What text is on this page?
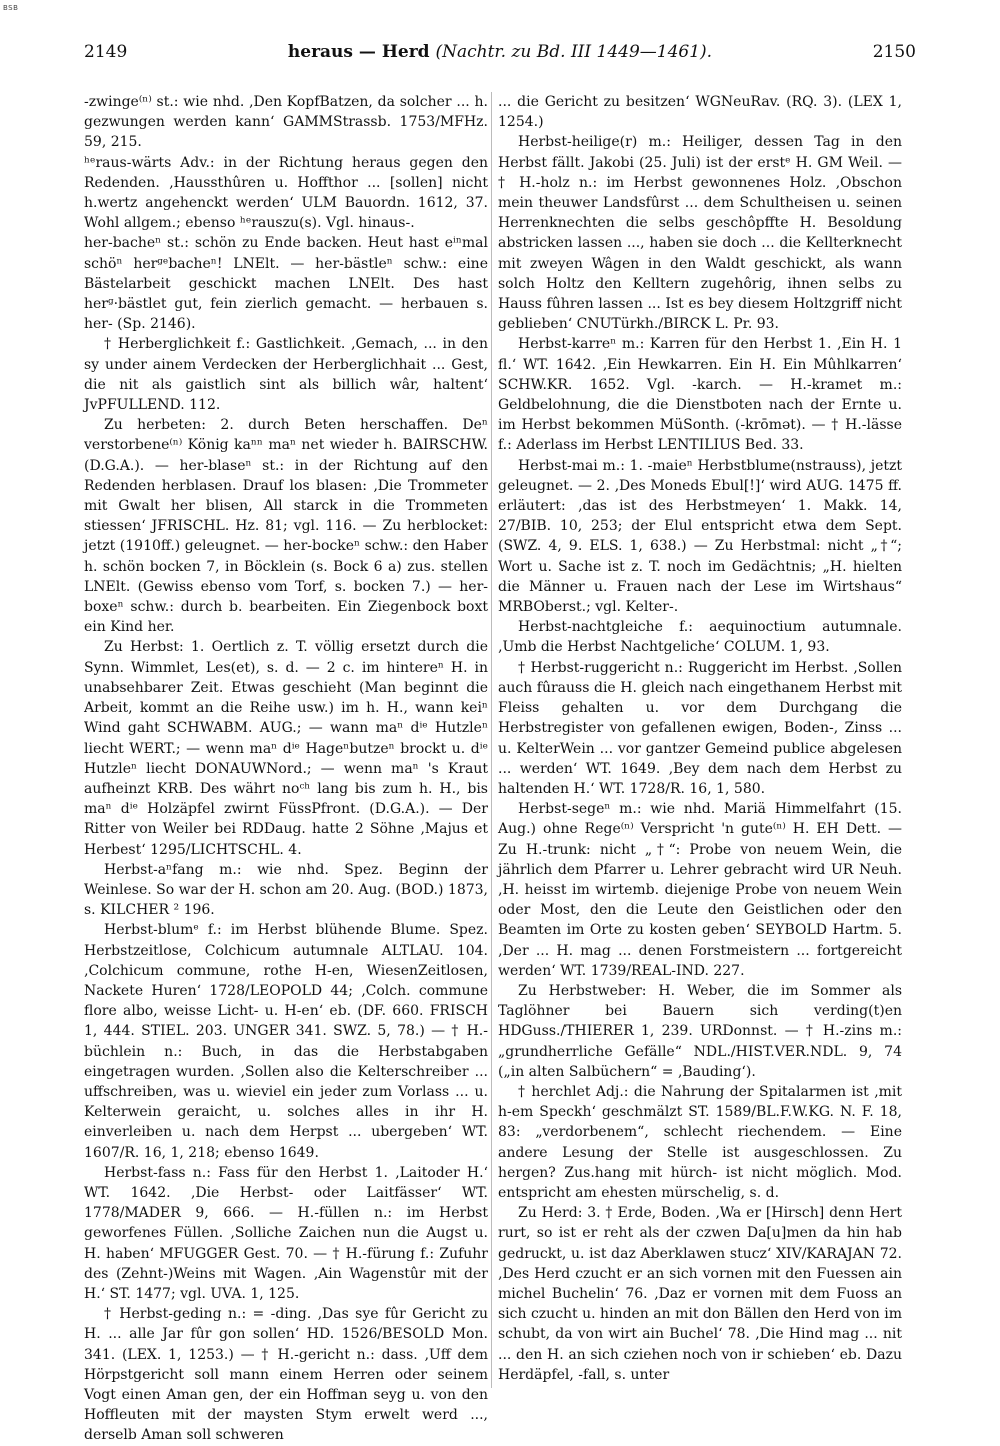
BSB
2149	heraus — Herd (Nachtr. zu Bd. III 1449—1461).	2150

-zwinge⁽ⁿ⁾ st.: wie nhd. ‚Den KopfBatzen, da solcher ... h. gezwungen werden kann‘ GAMMStrassb. 1753/MFHz. 59, 215.

ʰᵉraus-wärts Adv.: in der Richtung heraus gegen den Redenden. ‚Haussthûren u. Hoffthor ... [sollen] nicht h.wertz angehenckt werden‘ ULM Bauordn. 1612, 37. Wohl allgem.; ebenso ʰᵉrauszu(s). Vgl. hinaus-.

her-bacheⁿ st.: schön zu Ende backen. Heut hast eⁱⁿmal schöⁿ herᵍᵉbacheⁿ! LNElt. — her-bästleⁿ schw.: eine Bästelarbeit geschickt machen LNElt. Des hast herᵍ·bästlet gut, fein zierlich gemacht. — herbauen s. her- (Sp. 2146).

† Herberglichkeit f.: Gastlichkeit. ‚Gemach, ... in den sy under ainem Verdecken der Herberglichhait ... Gest, die nit als gaistlich sint als billich wâr, haltent‘ JvPFULLEND. 112.

Zu herbeten: 2. durch Beten herschaffen. Deⁿ verstorbene⁽ⁿ⁾ König kaⁿⁿ maⁿ net wieder h. BAIRSCHW. (D.G.A.). — her-blaseⁿ st.: in der Richtung auf den Redenden herblasen. Drauf los blasen: ‚Die Trommeter mit Gwalt her blisen, All starck in die Trommeten stiessen‘ JFRISCHL. Hz. 81; vgl. 116. — Zu herblocket: jetzt (1910ff.) geleugnet. — her-bockeⁿ schw.: den Haber h. schön bocken 7, in Böcklein (s. Bock 6 a) zus. stellen LNElt. (Gewiss ebenso vom Torf, s. bocken 7.) — her-boxeⁿ schw.: durch b. bearbeiten. Ein Ziegenbock boxt ein Kind her.

Zu Herbst: 1. Oertlich z. T. völlig ersetzt durch die Synn. Wimmlet, Les(et), s. d. — 2 c. im hintereⁿ H. in unabsehbarer Zeit. Etwas geschieht (Man beginnt die Arbeit, kommt an die Reihe usw.) im h. H., wann keiⁿ Wind gaht SCHWABM. AUG.; — wann maⁿ dⁱᵉ Hutzleⁿ liecht WERT.; — wenn maⁿ dⁱᵉ Hageⁿbutzeⁿ brockt u. dⁱᵉ Hutzleⁿ liecht DONAUWNord.; — wenn maⁿ 's Kraut aufheinzt KRB. Des währt noᶜʰ lang bis zum h. H., bis maⁿ dⁱᵉ Holzäpfel zwirnt FüssPfront. (D.G.A.). — Der Ritter von Weiler bei RDDaug. hatte 2 Söhne ‚Majus et Herbest‘ 1295/LICHTSCHL. 4.

Herbst-aⁿfang m.: wie nhd. Spez. Beginn der Weinlese. So war der H. schon am 20. Aug. (BOD.) 1873, s. KILCHER ² 196.

Herbst-blumᵉ f.: im Herbst blühende Blume. Spez. Herbstzeitlose, Colchicum autumnale ALTLAU. 104. ‚Colchicum commune, rothe H-en, WiesenZeitlosen, Nackete Huren‘ 1728/LEOPOLD 44; ‚Colch. commune flore albo, weisse Licht- u. H-en‘ eb. (DF. 660. FRISCH 1, 444. STIEL. 203. UNGER 341. SWZ. 5, 78.) — † H.-büchlein n.: Buch, in das die Herbstabgaben eingetragen wurden. ‚Sollen also die Kelterschreiber ... uffschreiben, was u. wieviel ein jeder zum Vorlass ... u. Kelterwein geraicht, u. solches alles in ihr H. einverleiben u. nach dem Herpst ... ubergeben‘ WT. 1607/R. 16, 1, 218; ebenso 1649.

Herbst-fass n.: Fass für den Herbst 1. ‚Laitoder H.‘ WT. 1642. ‚Die Herbst- oder Laitfässer‘ WT. 1778/MADER 9, 666. — H.-füllen n.: im Herbst geworfenes Füllen. ‚Solliche Zaichen nun die Augst u. H. haben‘ MFUGGER Gest. 70. — † H.-fürung f.: Zufuhr des (Zehnt-)Weins mit Wagen. ‚Ain Wagenstûr mit der H.‘ ST. 1477; vgl. UVA. 1, 125.

† Herbst-geding n.: = -ding. ‚Das sye fûr Gericht zu H. ... alle Jar fûr gon sollen‘ HD. 1526/BESOLD Mon. 341. (LEX. 1, 1253.) — † H.-gericht n.: dass. ‚Uff dem Hörpstgericht soll mann einem Herren oder seinem Vogt einen Aman gen, der ein Hoffman seyg u. von den Hoffleuten mit der maysten Stym erwelt werd ..., derselb Aman soll schweren

... die Gericht zu besitzen‘ WGNeuRav. (RQ. 3). (LEX 1, 1254.)

Herbst-heilige(r) m.: Heiliger, dessen Tag in den Herbst fällt. Jakobi (25. Juli) ist der erstᵉ H. GM Weil. — † H.-holz n.: im Herbst gewonnenes Holz. ‚Obschon mein theuwer Landsfûrst ... dem Schultheisen u. seinen Herrenknechten die selbs geschôpffte H. Besoldung abstricken lassen ..., haben sie doch ... die Kellterknecht mit zweyen Wâgen in den Waldt geschickt, als wann solch Holtz den Kelltern zugehôrig, ihnen selbs zu Hauss fûhren lassen ... Ist es bey diesem Holtzgriff nicht gebliebenʻ CNUTürkh./BIRCK L. Pr. 93.

Herbst-karreⁿ m.: Karren für den Herbst 1. ‚Ein H. 1 fl.‘ WT. 1642. ‚Ein Hewkarren. Ein H. Ein Mûhlkarren‘ SCHW.KR. 1652. Vgl. -karch. — H.-kramet m.: Geldbelohnung, die die Dienstboten nach der Ernte u. im Herbst bekommen MüSonth. (-krōmət). — † H.-lässe f.: Aderlass im Herbst LENTILIUS Bed. 33.

Herbst-mai m.: 1. -maieⁿ Herbstblume(nstrauss), jetzt geleugnet. — 2. ‚Des Moneds Ebul[!]‘ wird AUG. 1475 ff. erläutert: ‚das ist des Herbstmeyen‘ 1. Makk. 14, 27/BIB. 10, 253; der Elul entspricht etwa dem Sept. (SWZ. 4, 9. ELS. 1, 638.) — Zu Herbstmal: nicht „†“; Wort u. Sache ist z. T. noch im Gedächtnis; „H. hielten die Männer u. Frauen nach der Lese im Wirtshaus“ MRBOberst.; vgl. Kelter-.

Herbst-nachtgleiche f.: aequinoctium autumnale. ‚Umb die Herbst Nachtgelicheʻ COLUM. 1, 93.

† Herbst-ruggericht n.: Ruggericht im Herbst. ‚Sollen auch fûrauss die H. gleich nach eingethanem Herbst mit Fleiss gehalten u. vor dem Durchgang die Herbstregister von gefallenen ewigen, Boden-, Zinss ... u. KelterWein ... vor gantzer Gemeind publice abgelesen ... werden‘ WT. 1649. ‚Bey dem nach dem Herbst zu haltenden H.‘ WT. 1728/R. 16, 1, 580.

Herbst-segeⁿ m.: wie nhd. Mariä Himmelfahrt (15. Aug.) ohne Rege⁽ⁿ⁾ Verspricht 'n gute⁽ⁿ⁾ H. EH Dett. — Zu H.-trunk: nicht „†“: Probe von neuem Wein, die jährlich dem Pfarrer u. Lehrer gebracht wird UR Neuh. ‚H. heisst im wirtemb. diejenige Probe von neuem Wein oder Most, den die Leute den Geistlichen oder den Beamten im Orte zu kosten geben‘ SEYBOLD Hartm. 5. ‚Der ... H. mag ... denen Forstmeistern ... fortgereicht werden‘ WT. 1739/REAL-IND. 227.

Zu Herbstweber: H. Weber, die im Sommer als Taglöhner bei Bauern sich verding(t)en HDGuss./THIERER 1, 239. URDonnst. — † H.-zins m.: „grundherrliche Gefälle“ NDL./HIST.VER.NDL. 9, 74 („in alten Salbüchern“ = ‚Bauding‘).

† herchlet Adj.: die Nahrung der Spitalarmen ist ‚mit h-em Speckh‘ geschmälzt ST. 1589/BL.F.W.KG. N. F. 18, 83: „verdorbenem“, schlecht riechendem. — Eine andere Lesung der Stelle ist ausgeschlossen. Zu hergen? Zus.hang mit hürch- ist nicht möglich. Mod. entspricht am ehesten mürschelig, s. d.

Zu Herd: 3. † Erde, Boden. ‚Wa er [Hirsch] denn Hert rurt, so ist er reht als der czwen Da[u]men da hin hab gedruckt, u. ist daz Aberklawen stucz‘ XIV/KARAJAN 72. ‚Des Herd czucht er an sich vornen mit den Fuessen ain michel Buchelin‘ 76. ‚Daz er vornen mit dem Fuoss an sich czucht u. hinden an mit don Bällen den Herd von im schubt, da von wirt ain Buchel‘ 78. ‚Die Hind mag ... nit ... den H. an sich cziehen noch von ir schieben‘ eb. Dazu Herdäpfel, -fall, s. unter
